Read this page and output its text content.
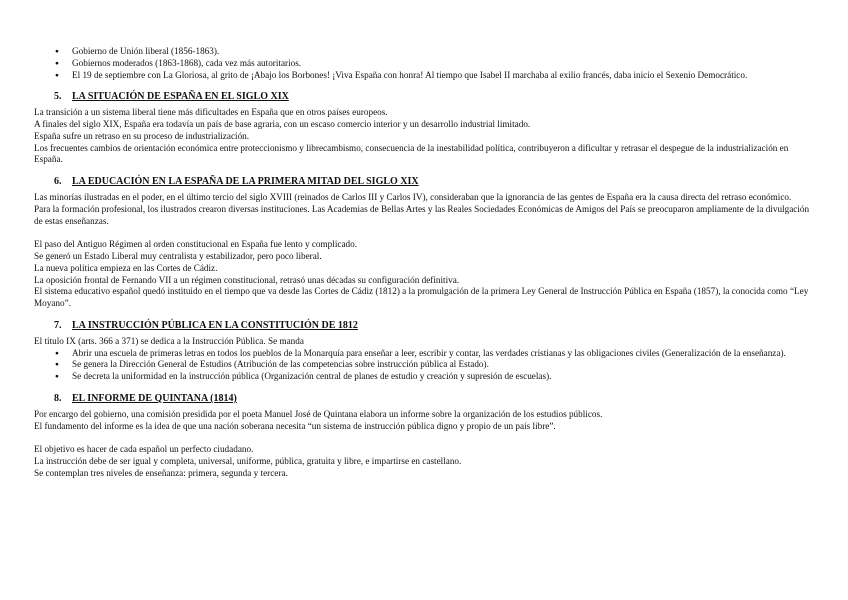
● Gobierno de Unión liberal (1856-1863).
● Gobiernos moderados (1863-1868), cada vez más autoritarios.
● El 19 de septiembre con La Gloriosa, al grito de ¡Abajo los Borbones! ¡Viva España con honra! Al tiempo que Isabel II marchaba al exilio francés, daba inicio el Sexenio Democrático.
5.	LA SITUACIÓN DE ESPAÑA EN EL SIGLO XIX

La transición a un sistema liberal tiene más dificultades en España que en otros países europeos.

A finales del siglo XIX, España era todavía un país de base agraria, con un escaso comercio interior y un desarrollo industrial limitado.

España sufre un retraso en su proceso de industrialización.

Los frecuentes cambios de orientación económica entre proteccionismo y librecambismo, consecuencia de la inestabilidad política, contribuyeron a dificultar y retrasar el despegue de la industrialización en España.

6.	LA EDUCACIÓN EN LA ESPAÑA DE LA PRIMERA MITAD DEL SIGLO XIX

Las minorías ilustradas en el poder, en el último tercio del siglo XVIII (reinados de Carlos III y Carlos IV), consideraban que la ignorancia de las gentes de España era la causa directa del retraso económico.

Para la formación profesional, los ilustrados crearon diversas instituciones. Las Academias de Bellas Artes y las Reales Sociedades Económicas de Amigos del País se preocuparon ampliamente de la divulgación de estas enseñanzas.

El paso del Antiguo Régimen al orden constitucional en España fue lento y complicado.

Se generó un Estado Liberal muy centralista y estabilizador, pero poco liberal.

La nueva política empieza en las Cortes de Cádiz.

La oposición frontal de Fernando VII a un régimen constitucional, retrasó unas décadas su configuración definitiva.

El sistema educativo español quedó instituido en el tiempo que va desde las Cortes de Cádiz (1812) a la promulgación de la primera Ley General de Instrucción Pública en España (1857), la conocida como “Ley Moyano”.

7.	LA INSTRUCCIÓN PÚBLICA EN LA CONSTITUCIÓN DE 1812

El título IX (arts. 366 a 371) se dedica a la Instrucción Pública. Se manda

● Abrir una escuela de primeras letras en todos los pueblos de la Monarquía para enseñar a leer, escribir y contar, las verdades cristianas y las obligaciones civiles (Generalización de la enseñanza).
● Se genera la Dirección General de Estudios (Atribución de las competencias sobre instrucción pública al Estado).
● Se decreta la uniformidad en la instrucción pública (Organización central de planes de estudio y creación y supresión de escuelas).
8.	EL INFORME DE QUINTANA (1814)

Por encargo del gobierno, una comisión presidida por el poeta Manuel José de Quintana elabora un informe sobre la organización de los estudios públicos.

El fundamento del informe es la idea de que una nación soberana necesita “un sistema de instrucción pública digno y propio de un país libre”.

El objetivo es hacer de cada español un perfecto ciudadano.

La instrucción debe de ser igual y completa, universal, uniforme, pública, gratuita y libre, e impartirse en castellano.

Se contemplan tres niveles de enseñanza: primera, segunda y tercera.
